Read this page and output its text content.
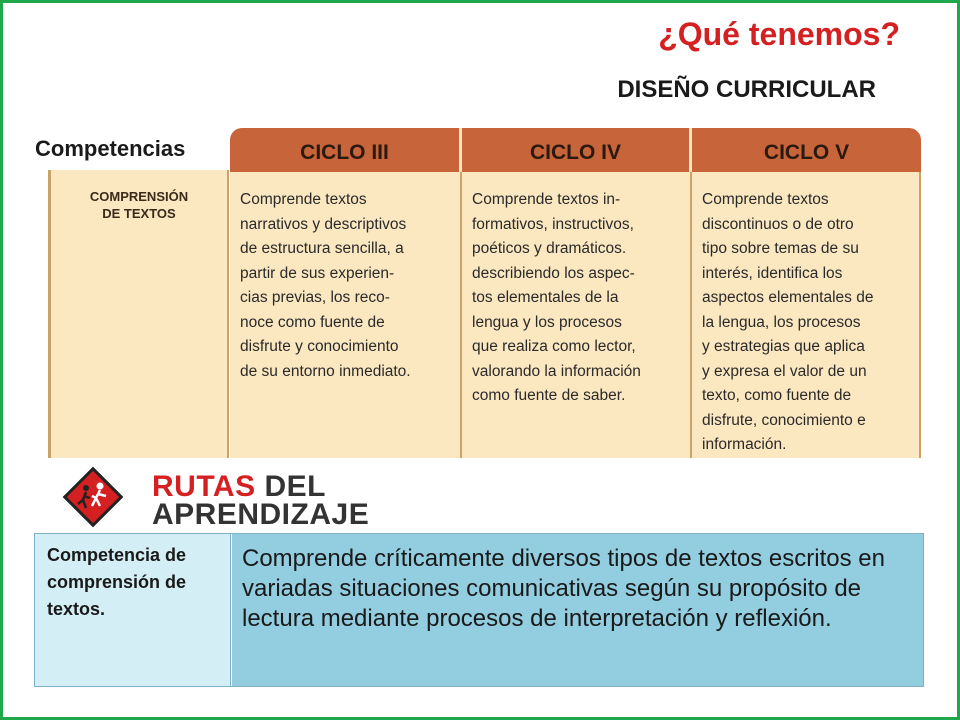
¿Qué tenemos?
DISEÑO CURRICULAR
COMPRENSIÓN
DE TEXTOS
CICLO III	CICLO IV	CICLO V
Comprende textos
narrativos y descriptivos
de estructura sencilla, a
partir de sus experien-
cias previas, los reco-
noce como fuente de
disfrute y conocimiento
de su entorno inmediato.
Comprende textos in-
formativos, instructivos,
poéticos y dramáticos.
describiendo los aspec-
tos elementales de la
lengua y los procesos
que realiza como lector,
valorando la información
como fuente de saber.
Comprende textos
discontinuos o de otro
tipo sobre temas de su
interés, identifica los
aspectos elementales de
la lengua, los procesos
y estrategias que aplica
y expresa el valor de un
texto, como fuente de
disfrute, conocimiento e
información.
Competencias
RUTAS DEL
APRENDIZAJE
Competencia de comprensión de textos.
Comprende críticamente diversos tipos de textos escritos en variadas situaciones comunicativas según su propósito de lectura mediante procesos de interpretación y reflexión.
